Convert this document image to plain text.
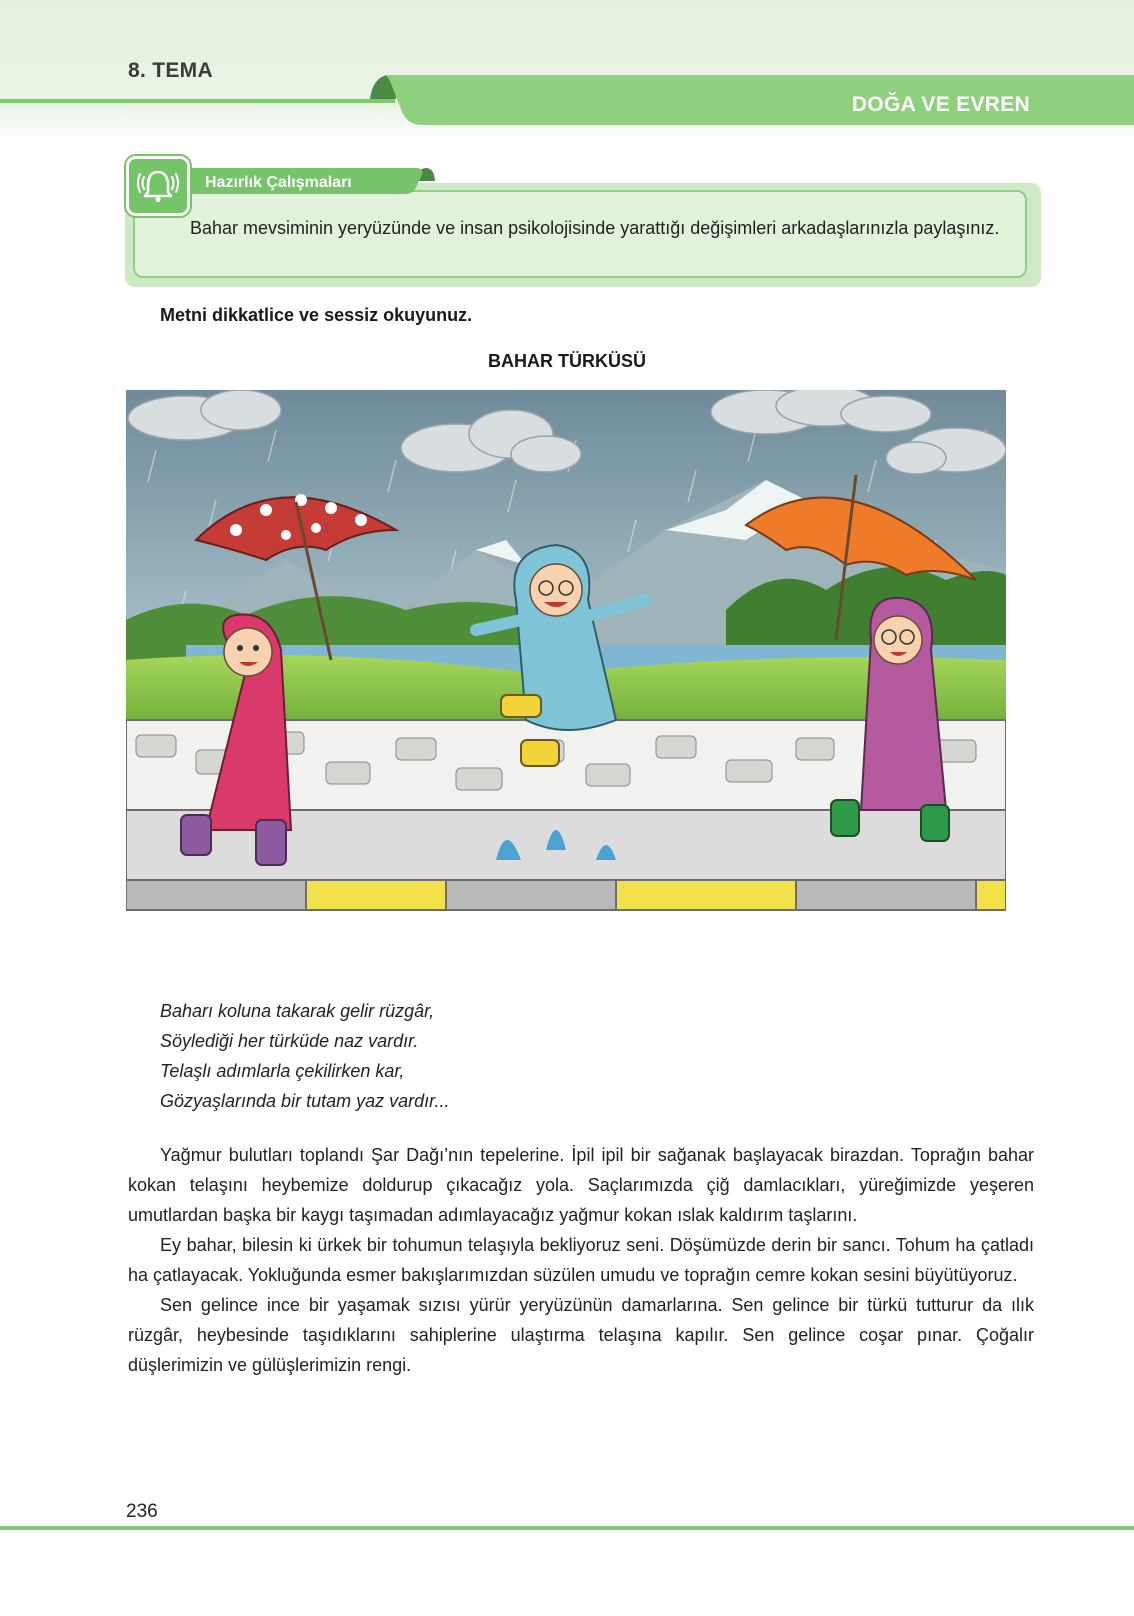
8. TEMA
DOĞA VE EVREN
Hazırlık Çalışmaları
Bahar mevsiminin yeryüzünde ve insan psikolojisinde yarattığı değişimleri arkadaşlarınızla paylaşınız.
Metni dikkatlice ve sessiz okuyunuz.
BAHAR TÜRKÜSÜ
Baharı koluna takarak gelir rüzgâr,
Söylediği her türküde naz vardır.
Telaşlı adımlarla çekilirken kar,
Gözyaşlarında bir tutam yaz vardır...

Yağmur bulutları toplandı Şar Dağı’nın tepelerine. İpil ipil bir sağanak başlayacak birazdan. Toprağın bahar kokan telaşını heybemize doldurup çıkacağız yola. Saçlarımızda çiğ damlacıkları, yüreğimizde yeşeren umutlardan başka bir kaygı taşımadan adımlayacağız yağmur kokan ıslak kaldırım taşlarını.

Ey bahar, bilesin ki ürkek bir tohumun telaşıyla bekliyoruz seni. Döşümüzde derin bir sancı. Tohum ha çatladı ha çatlayacak. Yokluğunda esmer bakışlarımızdan süzülen umudu ve toprağın cemre kokan sesini büyütüyoruz.

Sen gelince ince bir yaşamak sızısı yürür yeryüzünün damarlarına. Sen gelince bir türkü tutturur da ılık rüzgâr, heybesinde taşıdıklarını sahiplerine ulaştırma telaşına kapılır. Sen gelince coşar pınar. Çoğalır düşlerimizin ve gülüşlerimizin rengi.

236
